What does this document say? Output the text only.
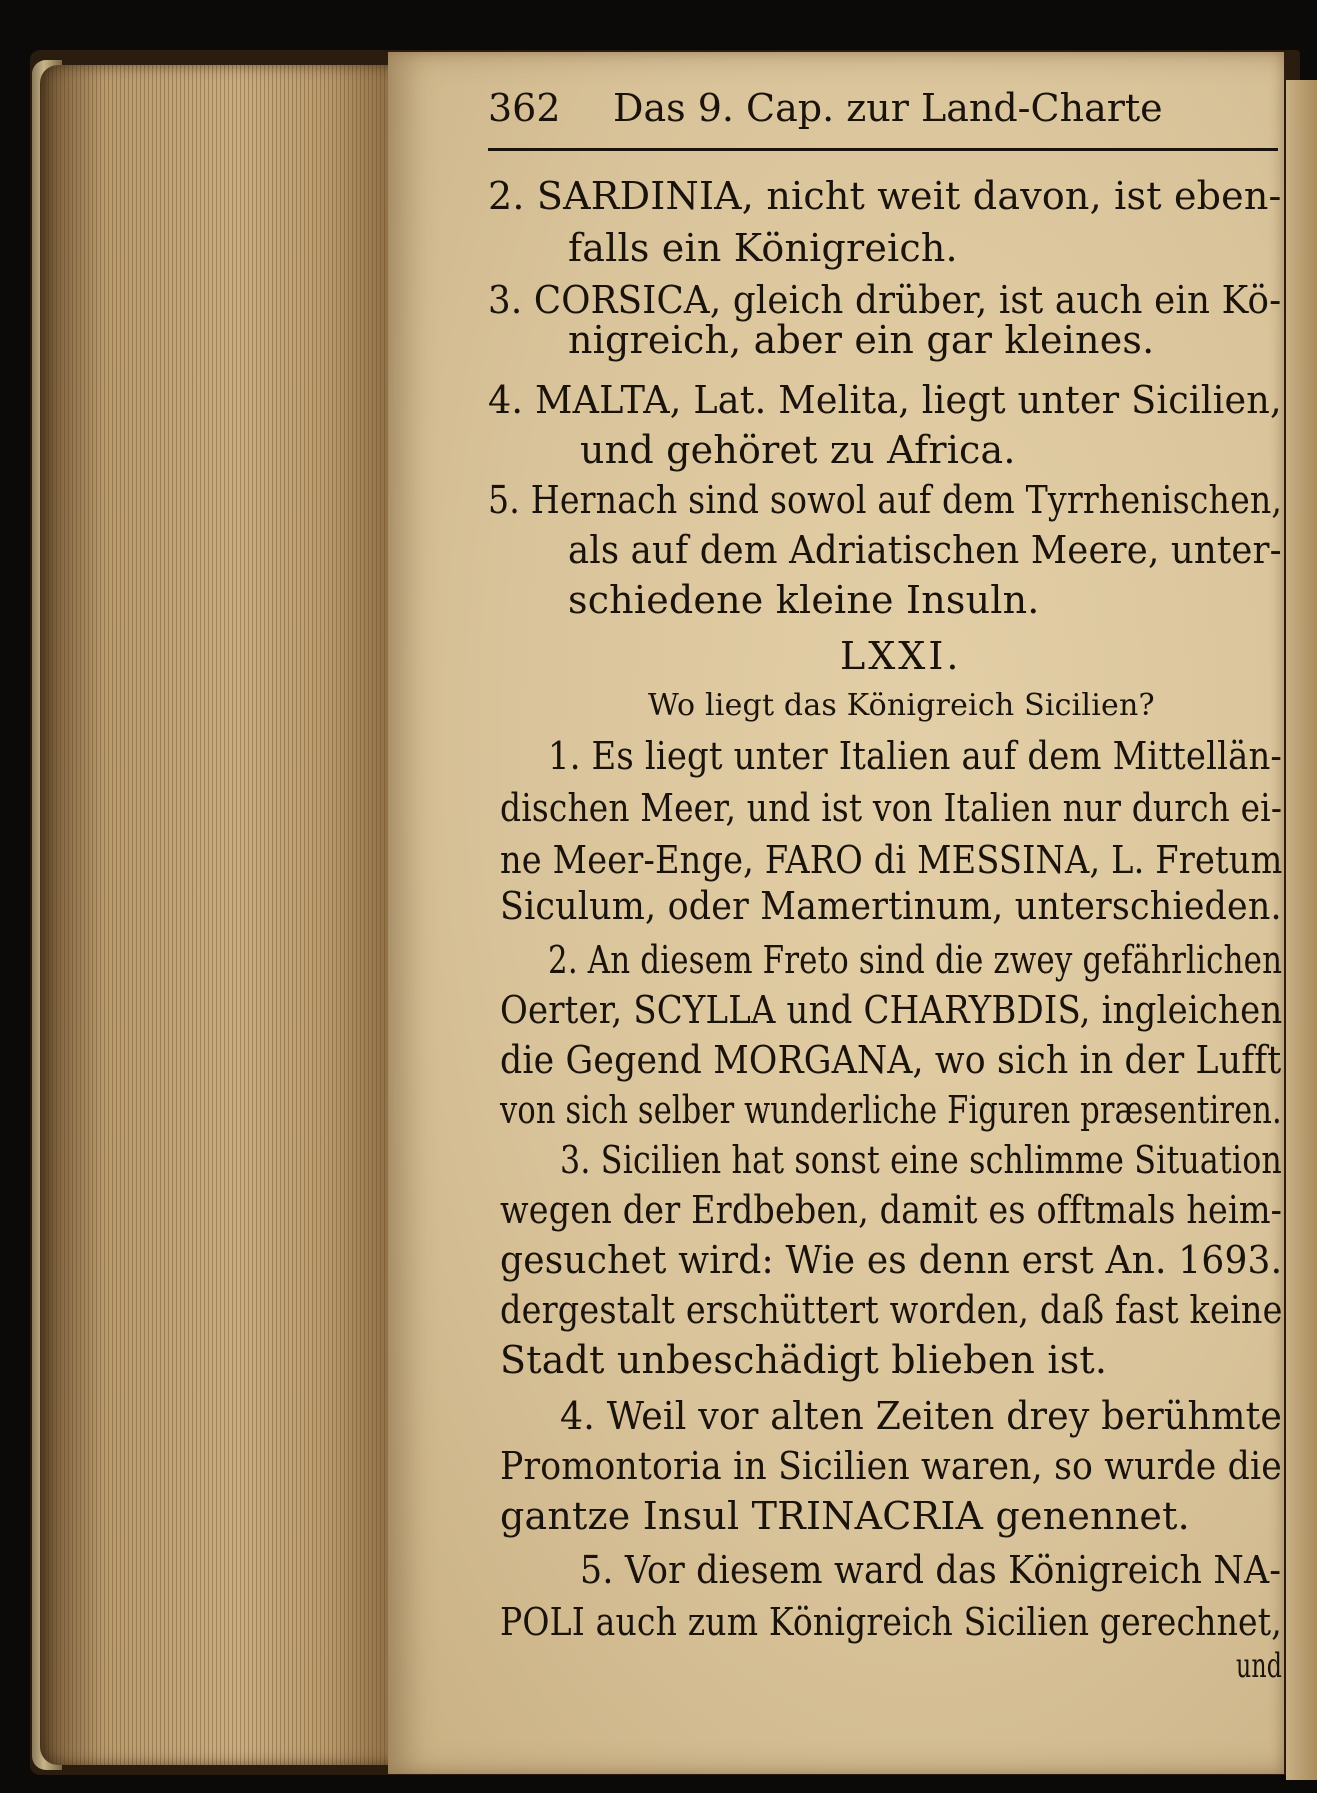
362 Das 9. Cap. zur Land-Charte
2. SARDINIA, nicht weit davon, ist eben-
falls ein Königreich.
3. CORSICA, gleich drüber, ist auch ein Kö-
nigreich, aber ein gar kleines.
4. MALTA, Lat. Melita, liegt unter Sicilien,
und gehöret zu Africa.
5. Hernach sind sowol auf dem Tyrrhenischen,
als auf dem Adriatischen Meere, unter-
schiedene kleine Insuln.
LXXI.
Wo liegt das Königreich Sicilien?
1. Es liegt unter Italien auf dem Mittellän-
dischen Meer, und ist von Italien nur durch ei-
ne Meer-Enge, FARO di MESSINA, L. Fretum
Siculum, oder Mamertinum, unterschieden.
2. An diesem Freto sind die zwey gefährlichen
Oerter, SCYLLA und CHARYBDIS, ingleichen
die Gegend MORGANA, wo sich in der Lufft
von sich selber wunderliche Figuren præsentiren.
3. Sicilien hat sonst eine schlimme Situation
wegen der Erdbeben, damit es offtmals heim-
gesuchet wird: Wie es denn erst An. 1693.
dergestalt erschüttert worden, daß fast keine
Stadt unbeschädigt blieben ist.
4. Weil vor alten Zeiten drey berühmte
Promontoria in Sicilien waren, so wurde die
gantze Insul TRINACRIA genennet.
5. Vor diesem ward das Königreich NA-
POLI auch zum Königreich Sicilien gerechnet,
und
